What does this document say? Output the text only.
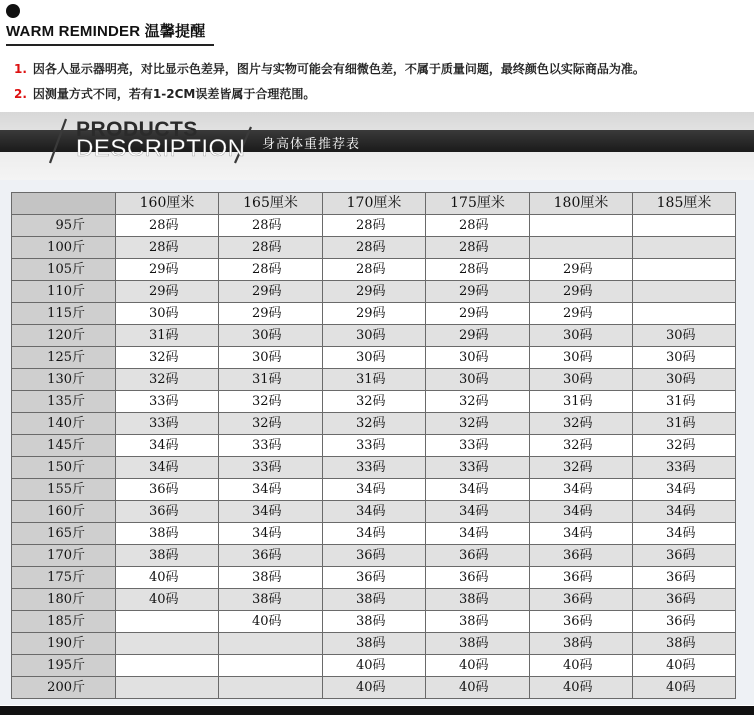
WARM REMINDER 温馨提醒
1. 因各人显示器明亮，对比显示色差异，图片与实物可能会有细微色差，不属于质量问题，最终颜色以实际商品为准。
2. 因测量方式不同，若有1-2CM误差皆属于合理范围。
PRODUCTS
DESCRIPTION 身高体重推荐表
	160厘米	165厘米	170厘米	175厘米	180厘米	185厘米
95斤	28码	28码	28码	28码		
100斤	28码	28码	28码	28码		
105斤	29码	28码	28码	28码	29码	
110斤	29码	29码	29码	29码	29码	
115斤	30码	29码	29码	29码	29码	
120斤	31码	30码	30码	29码	30码	30码
125斤	32码	30码	30码	30码	30码	30码
130斤	32码	31码	31码	30码	30码	30码
135斤	33码	32码	32码	32码	31码	31码
140斤	33码	32码	32码	32码	32码	31码
145斤	34码	33码	33码	33码	32码	32码
150斤	34码	33码	33码	33码	32码	33码
155斤	36码	34码	34码	34码	34码	34码
160斤	36码	34码	34码	34码	34码	34码
165斤	38码	34码	34码	34码	34码	34码
170斤	38码	36码	36码	36码	36码	36码
175斤	40码	38码	36码	36码	36码	36码
180斤	40码	38码	38码	38码	36码	36码
185斤		40码	38码	38码	36码	36码
190斤			38码	38码	38码	38码
195斤			40码	40码	40码	40码
200斤			40码	40码	40码	40码
